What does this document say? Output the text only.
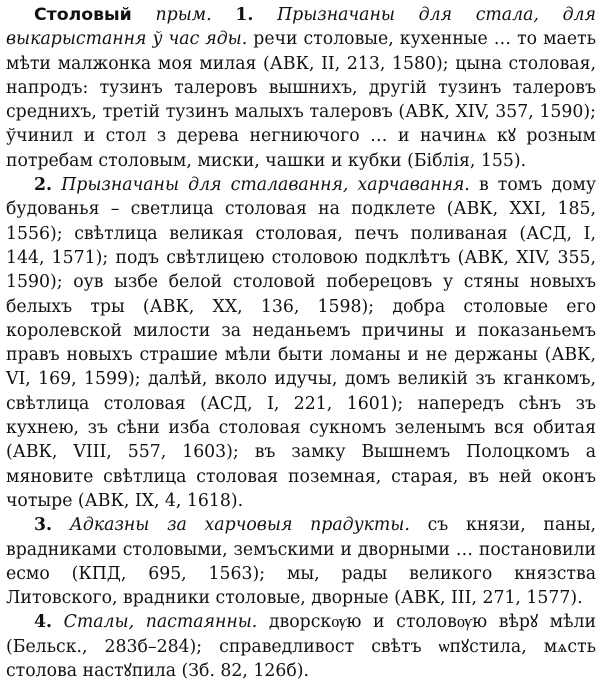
Столовый прым. 1. Прызначаны для стала, для выкарыстання ў час яды. речи столовые, кухенные … то маеть мѣти малжонка моя милая (АВК, II, 213, 1580); цына столовая, напродъ: тузинъ талеровъ вышнихъ, другій тузинъ талеровъ среднихъ, третій тузинъ малыхъ талеровъ (АВК, XIV, 357, 1590); ўчинил и стол з дерева негниючого … и начинѧ кꙋ розным потребам столовым, миски, чашки и кубки (Біблія, 155).

2. Прызначаны для сталавання, харчавання. в томъ дому будованья – светлица столовая на подклете (АВК, XXI, 185, 1556); свѣтлица великая столовая, печъ поливаная (АСД, I, 144, 1571); подъ свѣтлицею столовою подклѣтъ (АВК, XIV, 355, 1590); оув ызбе белой столовой поберецовъ у стяны новыхъ белыхъ тры (АВК, XX, 136, 1598); добра столовые его королевской милости за неданьемъ причины и показаньемъ правъ новыхъ страшие мѣли быти ломаны и не держаны (АВК, VI, 169, 1599); далѣй, вколо идучы, домъ великій зъ кганкомъ, свѣтлица столовая (АСД, I, 221, 1601); напередъ сѣнъ зъ кухнею, зъ сѣни изба столовая сукномъ зеленымъ вся обитая (АВК, VIII, 557, 1603); въ замку Вышнемъ Полоцкомъ а мяновите свѣтлица столовая поземная, старая, въ ней оконъ чотыре (АВК, IX, 4, 1618).

3. Адказны за харчовыя прадукты. съ князи, паны, врадниками столовыми, земъскими и дворными … постановили есмо (КПД, 695, 1563); мы, рады великого князства Литовского, врадники столовые, дворные (АВК, III, 271, 1577).

4. Сталы, пастаянны. дворскѹю и столовѹю вѣрꙋ мѣли (Бельск., 283б–284); справедливост свѣтъ ѡпꙋстила, мѧсть столова настꙋпила (Зб. 82, 126б).
